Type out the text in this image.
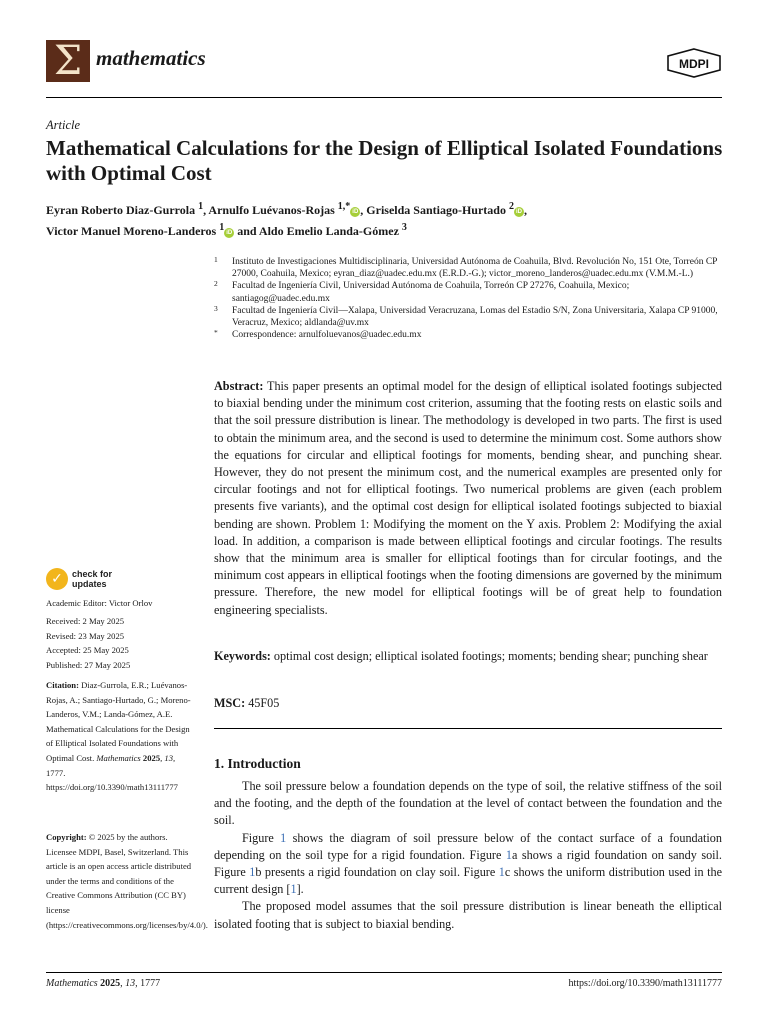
Σ mathematics	MDPI
Article
Mathematical Calculations for the Design of Elliptical Isolated Foundations with Optimal Cost
Eyran Roberto Diaz-Gurrola $^1$, Arnulfo Luévanos-Rojas $^{1,*}$ iD , Griselda Santiago-Hurtado $^2$ iD ,
Victor Manuel Moreno-Landeros $^1$ iD and Aldo Emelio Landa-Gómez $^3$
1 Instituto de Investigaciones Multidisciplinaria, Universidad Autónoma de Coahuila, Blvd. Revolución No, 151 Ote, Torreón CP 27000, Coahuila, Mexico; eyran_diaz@uadec.edu.mx (E.R.D.-G.); victor_moreno_landeros@uadec.edu.mx (V.M.M.-L.)
2 Facultad de Ingeniería Civil, Universidad Autónoma de Coahuila, Torreón CP 27276, Coahuila, Mexico; santiagog@uadec.edu.mx
3 Facultad de Ingeniería Civil—Xalapa, Universidad Veracruzana, Lomas del Estadio S/N, Zona Universitaria, Xalapa CP 91000, Veracruz, Mexico; aldlanda@uv.mx
* Correspondence: arnulfoluevanos@uadec.edu.mx
Abstract: This paper presents an optimal model for the design of elliptical isolated footings subjected to biaxial bending under the minimum cost criterion, assuming that the footing rests on elastic soils and that the soil pressure distribution is linear. The methodology is developed in two parts. The first is used to obtain the minimum area, and the second is used to determine the minimum cost. Some authors show the equations for circular and elliptical footings for moments, bending shear, and punching shear. However, they do not present the minimum cost, and the numerical examples are presented only for circular footings and not for elliptical footings. Two numerical problems are given (each problem presents five variants), and the optimal cost design for elliptical isolated footings subjected to biaxial bending are shown. Problem 1: Modifying the moment on the Y axis. Problem 2: Modifying the axial load. In addition, a comparison is made between elliptical footings and circular footings. The results show that the minimum area is smaller for elliptical footings than for circular footings, and the minimum cost appears in elliptical footings when the footing dimensions are governed by the minimum pressure. Therefore, the new model for elliptical footings will be of great help to foundation engineering specialists.
Keywords: optimal cost design; elliptical isolated footings; moments; bending shear; punching shear
MSC: 45F05
1. Introduction

The soil pressure below a foundation depends on the type of soil, the relative stiffness of the soil and the footing, and the depth of the foundation at the level of contact between the foundation and the soil.

Figure 1 shows the diagram of soil pressure below of the contact surface of a foundation depending on the soil type for a rigid foundation. Figure 1a shows a rigid foundation on sandy soil. Figure 1b presents a rigid foundation on clay soil. Figure 1c shows the uniform distribution used in the current design [1].

The proposed model assumes that the soil pressure distribution is linear beneath the elliptical isolated footing that is subject to biaxial bending.

✓	check for
updates
Academic Editor: Victor Orlov
Received: 2 May 2025
Revised: 23 May 2025
Accepted: 25 May 2025
Published: 27 May 2025
Citation: Diaz-Gurrola, E.R.; Luévanos-Rojas, A.; Santiago-Hurtado, G.; Moreno-Landeros, V.M.; Landa-Gómez, A.E. Mathematical Calculations for the Design of Elliptical Isolated Foundations with Optimal Cost. Mathematics 2025, 13, 1777. https://doi.org/10.3390/math13111777
Copyright: © 2025 by the authors. Licensee MDPI, Basel, Switzerland. This article is an open access article distributed under the terms and conditions of the Creative Commons Attribution (CC BY) license (https://creativecommons.org/licenses/by/4.0/).
Mathematics 2025, 13, 1777	https://doi.org/10.3390/math13111777
